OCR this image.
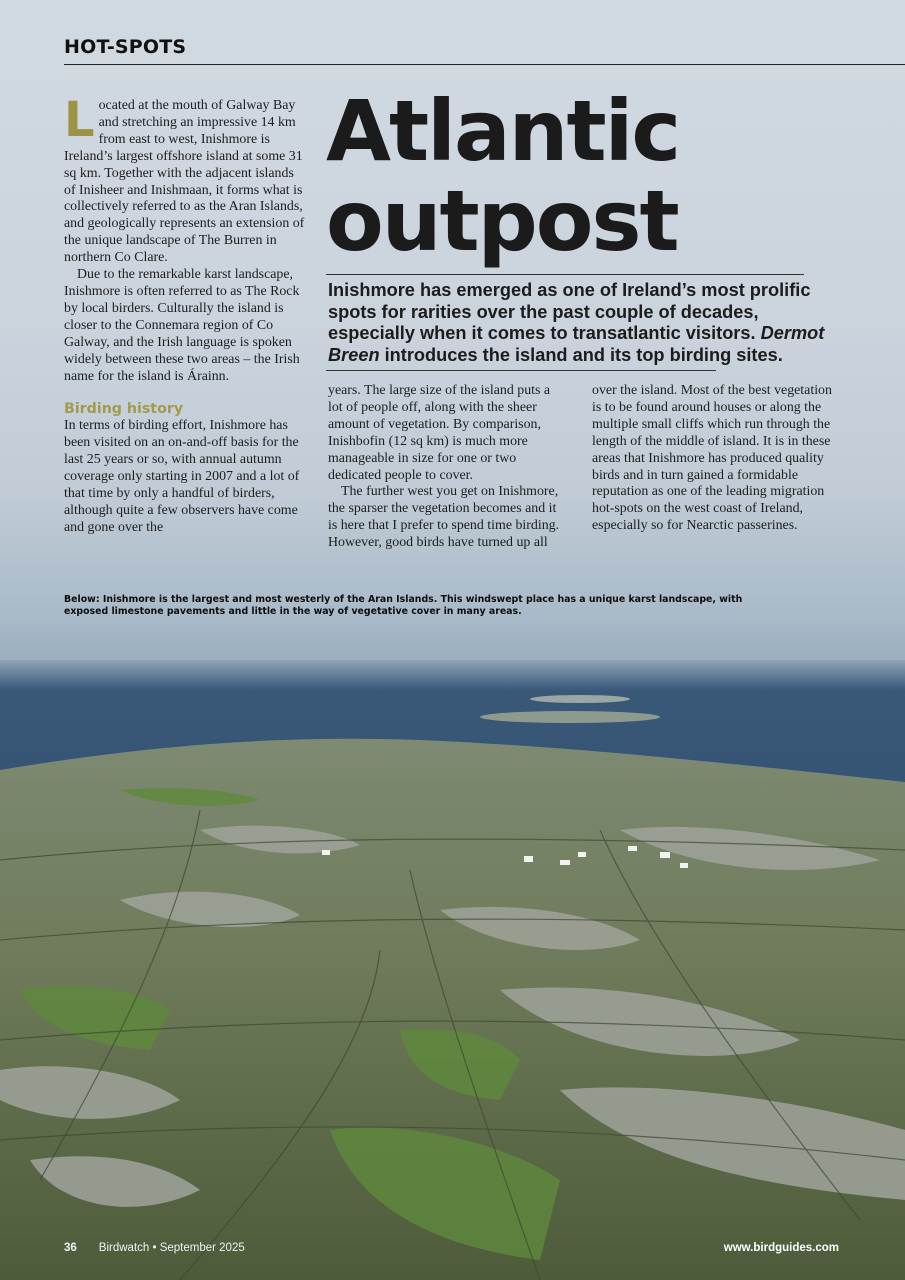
HOT-SPOTS

Located at the mouth of Galway Bay and stretching an impressive 14 km from east to west, Inishmore is Ireland’s largest offshore island at some 31 sq km. Together with the adjacent islands of Inisheer and Inishmaan, it forms what is collectively referred to as the Aran Islands, and geologically represents an extension of the unique landscape of The Burren in northern Co Clare.

Due to the remarkable karst landscape, Inishmore is often referred to as The Rock by local birders. Culturally the island is closer to the Connemara region of Co Galway, and the Irish language is spoken widely between these two areas – the Irish name for the island is Árainn.

Birding history

In terms of birding effort, Inishmore has been visited on an on-and-off basis for the last 25 years or so, with annual autumn coverage only starting in 2007 and a lot of that time by only a handful of birders, although quite a few observers have come and gone over the

Atlantic
outpost
Inishmore has emerged as one of Ireland’s most prolific spots for rarities over the past couple of decades, especially when it comes to transatlantic visitors. Dermot Breen introduces the island and its top birding sites.

years. The large size of the island puts a lot of people off, along with the sheer amount of vegetation. By comparison, Inishbofin (12 sq km) is much more manageable in size for one or two dedicated people to cover.

The further west you get on Inishmore, the sparser the vegetation becomes and it is here that I prefer to spend time birding. However, good birds have turned up all

over the island. Most of the best vegetation is to be found around houses or along the multiple small cliffs which run through the length of the middle of island. It is in these areas that Inishmore has produced quality birds and in turn gained a formidable reputation as one of the leading migration hot-spots on the west coast of Ireland, especially so for Nearctic passerines.

Below: Inishmore is the largest and most westerly of the Aran Islands. This windswept place has a unique karst landscape, with exposed limestone pavements and little in the way of vegetative cover in many areas.
36 Birdwatch • September 2025	www.birdguides.com
